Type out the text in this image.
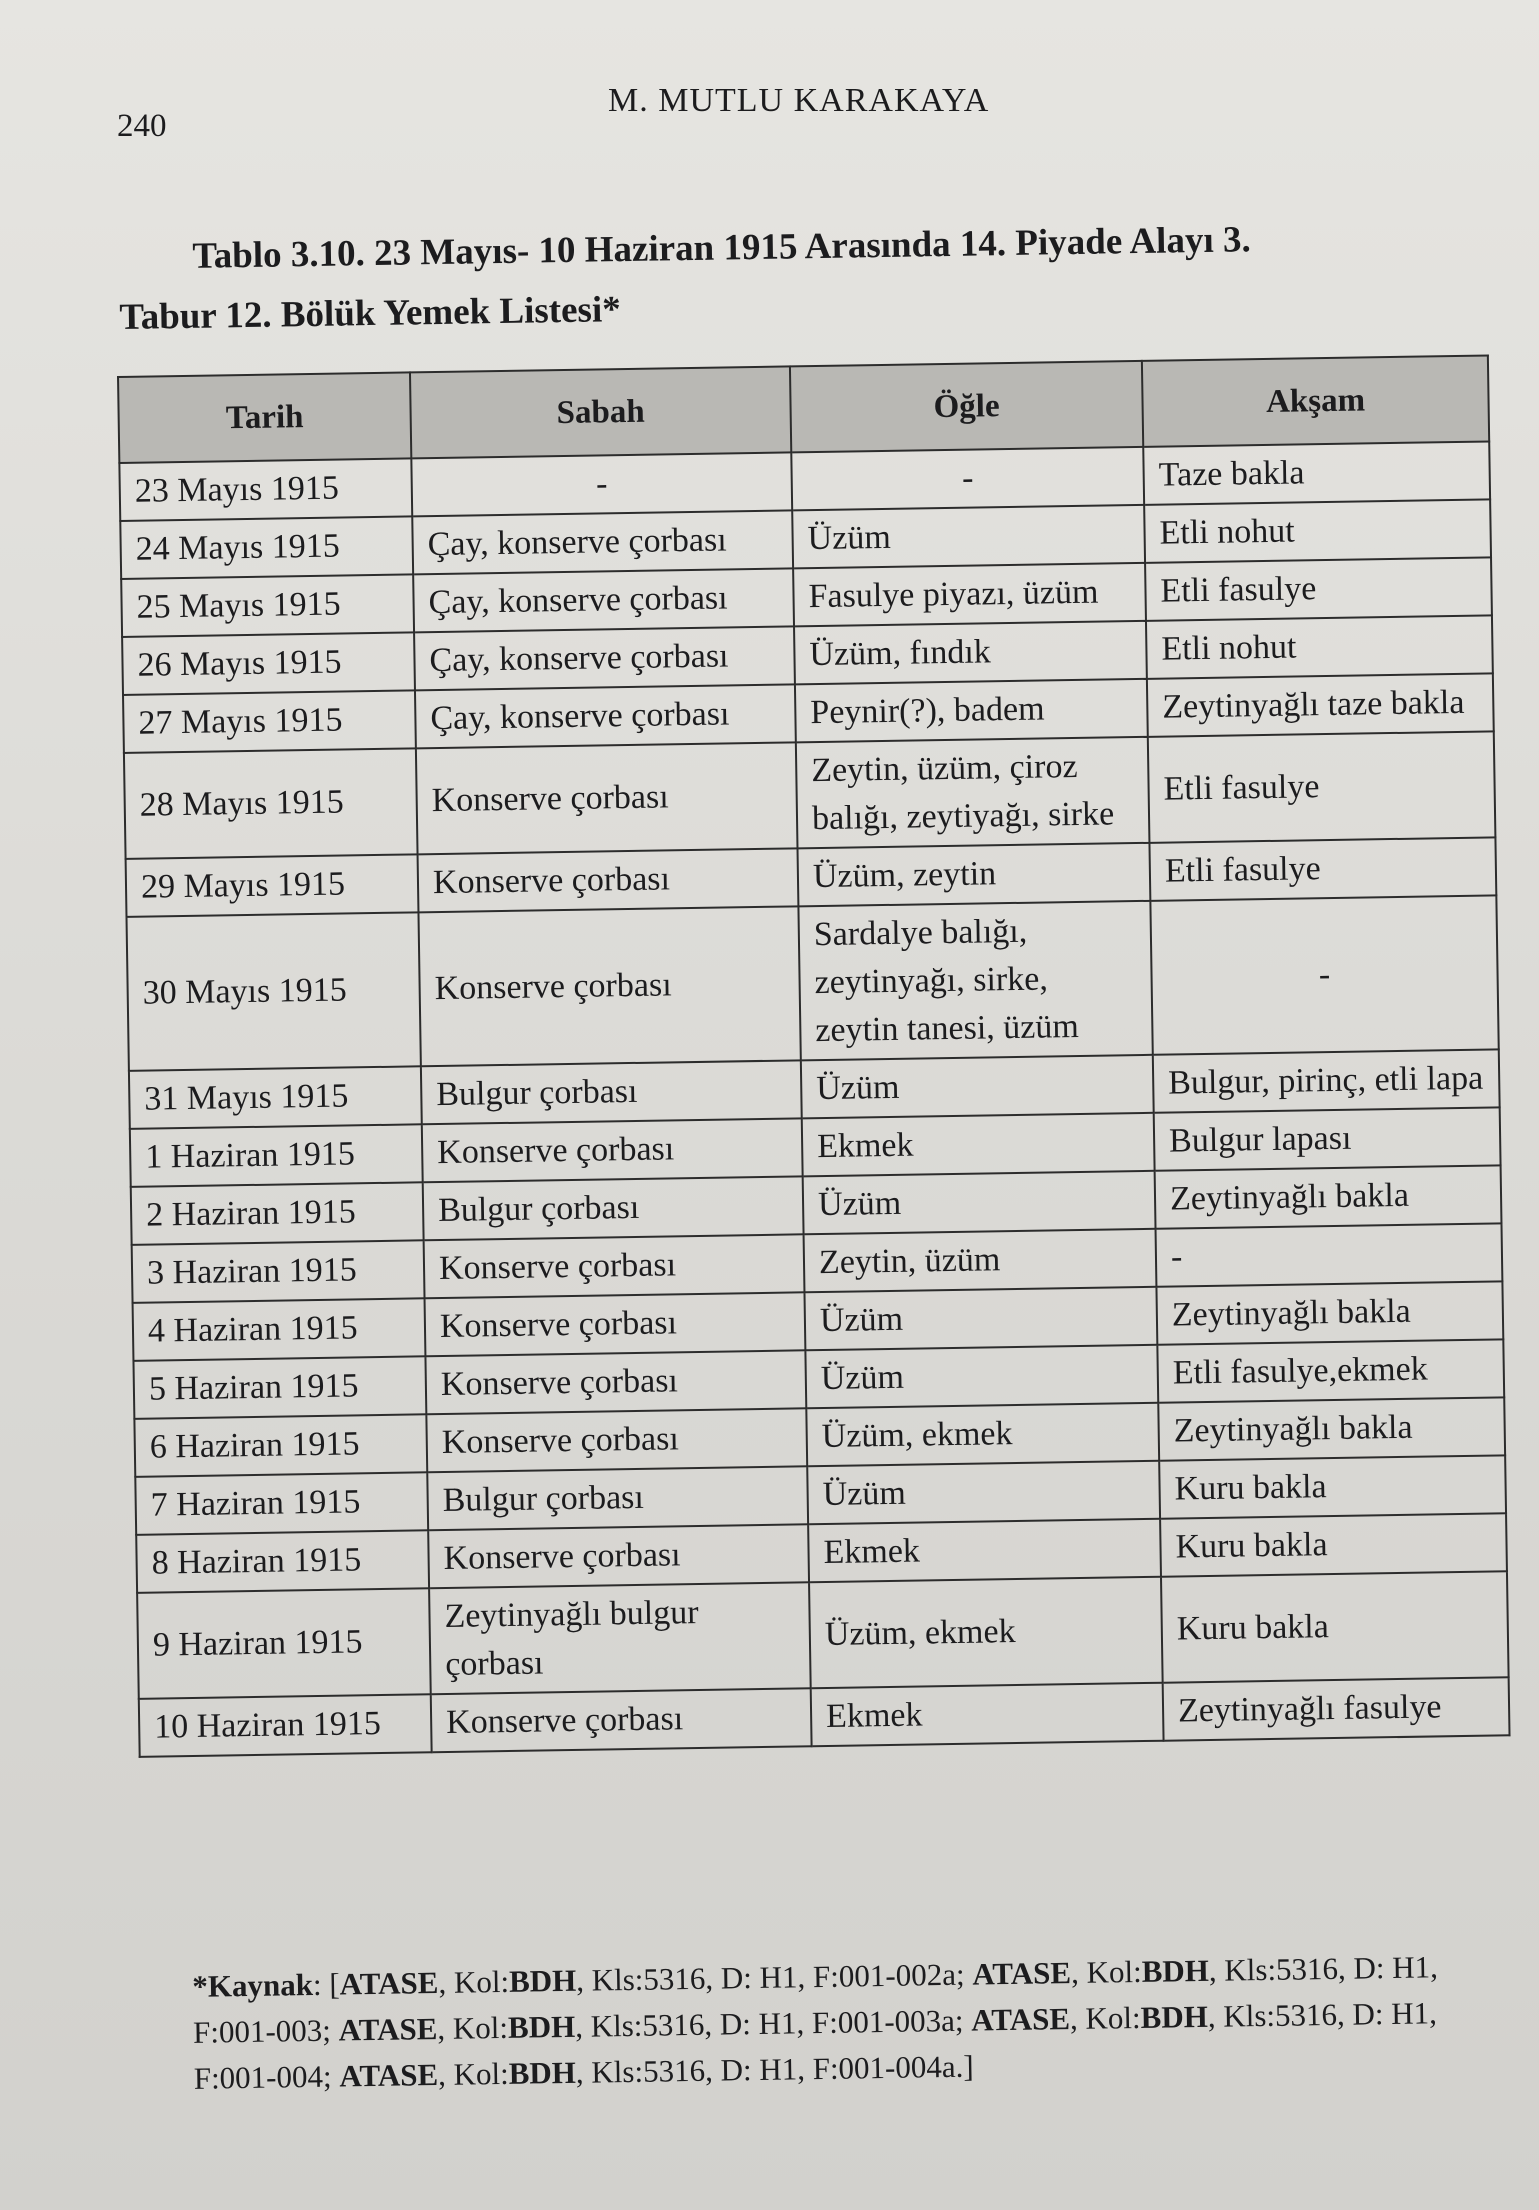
240
M. MUTLU KARAKAYA
Tablo 3.10. 23 Mayıs- 10 Haziran 1915 Arasında 14. Piyade Alayı 3.
Tabur 12. Bölük Yemek Listesi*
Tarih	Sabah	Öğle	Akşam
23 Mayıs 1915	-	-	Taze bakla
24 Mayıs 1915	Çay, konserve çorbası	Üzüm	Etli nohut
25 Mayıs 1915	Çay, konserve çorbası	Fasulye piyazı, üzüm	Etli fasulye
26 Mayıs 1915	Çay, konserve çorbası	Üzüm, fındık	Etli nohut
27 Mayıs 1915	Çay, konserve çorbası	Peynir(?), badem	Zeytinyağlı taze bakla
28 Mayıs 1915	Konserve çorbası	Zeytin, üzüm, çiroz balığı, zeytiyağı, sirke	Etli fasulye
29 Mayıs 1915	Konserve çorbası	Üzüm, zeytin	Etli fasulye
30 Mayıs 1915	Konserve çorbası	Sardalye balığı, zeytinyağı, sirke, zeytin tanesi, üzüm	-
31 Mayıs 1915	Bulgur çorbası	Üzüm	Bulgur, pirinç, etli lapa
1 Haziran 1915	Konserve çorbası	Ekmek	Bulgur lapası
2 Haziran 1915	Bulgur çorbası	Üzüm	Zeytinyağlı bakla
3 Haziran 1915	Konserve çorbası	Zeytin, üzüm	-
4 Haziran 1915	Konserve çorbası	Üzüm	Zeytinyağlı bakla
5 Haziran 1915	Konserve çorbası	Üzüm	Etli fasulye,ekmek
6 Haziran 1915	Konserve çorbası	Üzüm, ekmek	Zeytinyağlı bakla
7 Haziran 1915	Bulgur çorbası	Üzüm	Kuru bakla
8 Haziran 1915	Konserve çorbası	Ekmek	Kuru bakla
9 Haziran 1915	Zeytinyağlı bulgur çorbası	Üzüm, ekmek	Kuru bakla
10 Haziran 1915	Konserve çorbası	Ekmek	Zeytinyağlı fasulye
*Kaynak: [ATASE, Kol:BDH, Kls:5316, D: H1, F:001-002a; ATASE, Kol:BDH, Kls:5316, D: H1, F:001-003; ATASE, Kol:BDH, Kls:5316, D: H1, F:001-003a; ATASE, Kol:BDH, Kls:5316, D: H1, F:001-004; ATASE, Kol:BDH, Kls:5316, D: H1, F:001-004a.]
